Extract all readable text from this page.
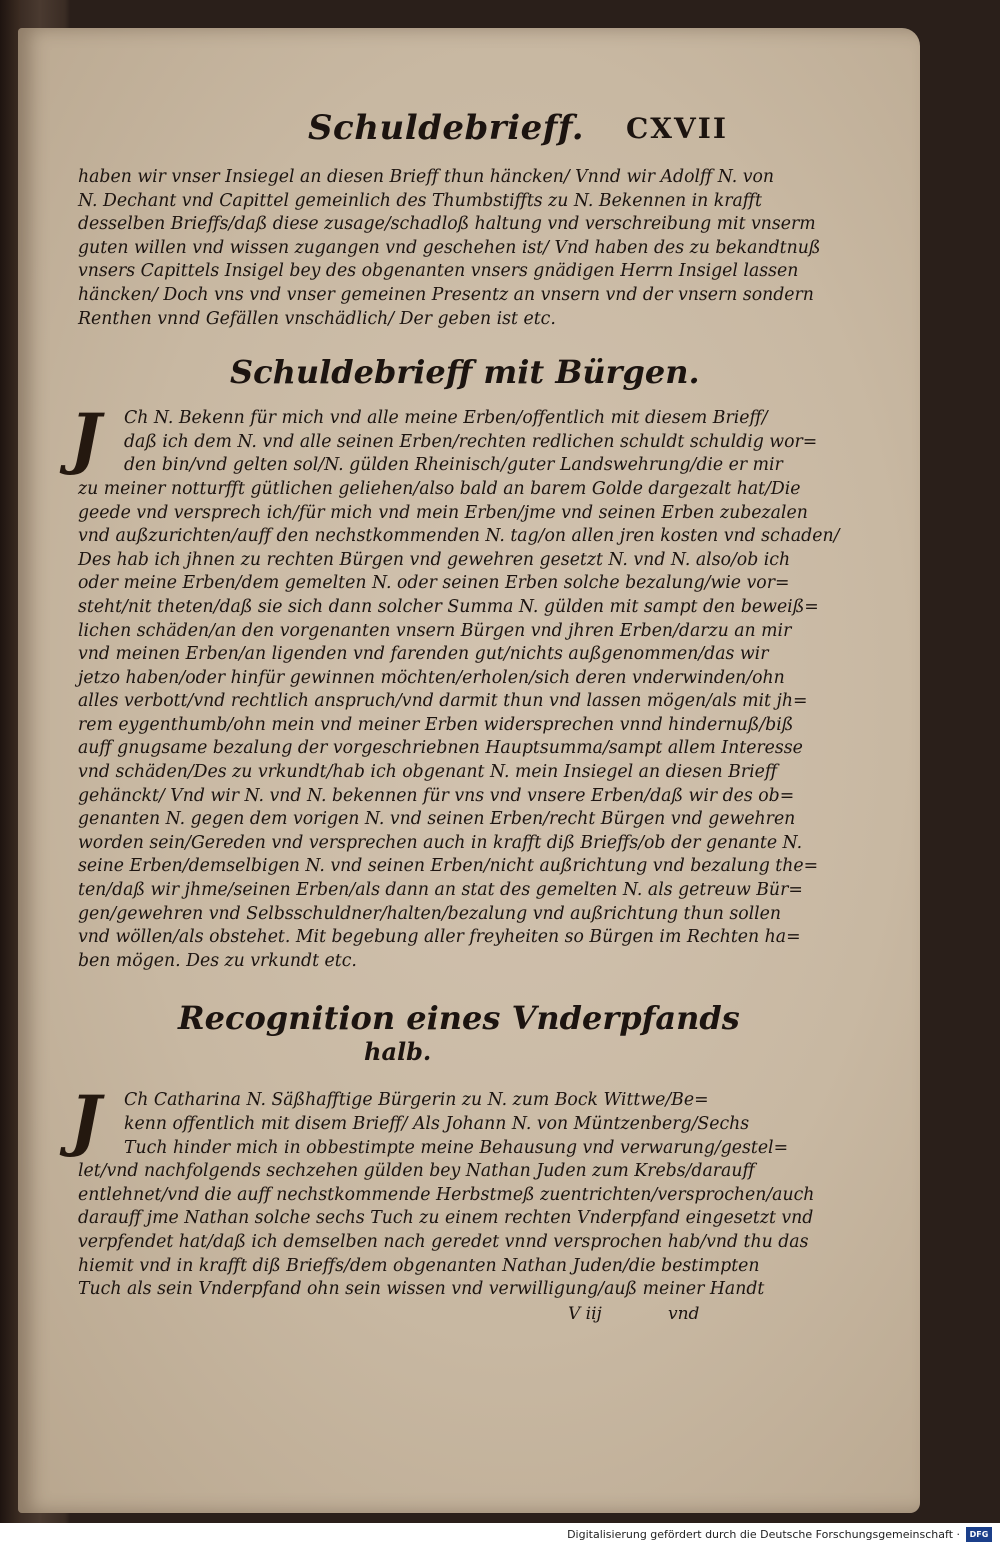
Schuldebrieff. CXVII

haben wir vnser Insiegel an diesen Brieff thun häncken/ Vnnd wir Adolff N. von
N. Dechant vnd Capittel gemeinlich des Thumbstiffts zu N. Bekennen in krafft
desselben Brieffs/daß diese zusage/schadloß haltung vnd verschreibung mit vnserm
guten willen vnd wissen zugangen vnd geschehen ist/ Vnd haben des zu bekandtnuß
vnsers Capittels Insigel bey des obgenanten vnsers gnädigen Herrn Insigel lassen
häncken/ Doch vns vnd vnser gemeinen Presentz an vnsern vnd der vnsern sondern
Renthen vnnd Gefällen vnschädlich/ Der geben ist etc.

Schuldebrieff mit Bürgen.
J	Ch N. Bekenn für mich vnd alle meine Erben/offentlich mit diesem Brieff/
daß ich dem N. vnd alle seinen Erben/rechten redlichen schuldt schuldig wor=
den bin/vnd gelten sol/N. gülden Rheinisch/guter Landswehrung/die er mir
zu meiner notturfft gütlichen geliehen/also bald an barem Golde dargezalt hat/Die
geede vnd versprech ich/für mich vnd mein Erben/jme vnd seinen Erben zubezalen
vnd außzurichten/auff den nechstkommenden N. tag/on allen jren kosten vnd schaden/
Des hab ich jhnen zu rechten Bürgen vnd gewehren gesetzt N. vnd N. also/ob ich
oder meine Erben/dem gemelten N. oder seinen Erben solche bezalung/wie vor=
steht/nit theten/daß sie sich dann solcher Summa N. gülden mit sampt den beweiß=
lichen schäden/an den vorgenanten vnsern Bürgen vnd jhren Erben/darzu an mir
vnd meinen Erben/an ligenden vnd farenden gut/nichts außgenommen/das wir
jetzo haben/oder hinfür gewinnen möchten/erholen/sich deren vnderwinden/ohn
alles verbott/vnd rechtlich anspruch/vnd darmit thun vnd lassen mögen/als mit jh=
rem eygenthumb/ohn mein vnd meiner Erben widersprechen vnnd hindernuß/biß
auff gnugsame bezalung der vorgeschriebnen Hauptsumma/sampt allem Interesse
vnd schäden/Des zu vrkundt/hab ich obgenant N. mein Insiegel an diesen Brieff
gehänckt/ Vnd wir N. vnd N. bekennen für vns vnd vnsere Erben/daß wir des ob=
genanten N. gegen dem vorigen N. vnd seinen Erben/recht Bürgen vnd gewehren
worden sein/Gereden vnd versprechen auch in krafft diß Brieffs/ob der genante N.
seine Erben/demselbigen N. vnd seinen Erben/nicht außrichtung vnd bezalung the=
ten/daß wir jhme/seinen Erben/als dann an stat des gemelten N. als getreuw Bür=
gen/gewehren vnd Selbsschuldner/halten/bezalung vnd außrichtung thun sollen
vnd wöllen/als obstehet. Mit begebung aller freyheiten so Bürgen im Rechten ha=
ben mögen. Des zu vrkundt etc.

Recognition eines Vnderpfands
halb.
J	Ch Catharina N. Säßhafftige Bürgerin zu N. zum Bock Wittwe/Be=
kenn offentlich mit disem Brieff/ Als Johann N. von Müntzenberg/Sechs
Tuch hinder mich in obbestimpte meine Behausung vnd verwarung/gestel=
let/vnd nachfolgends sechzehen gülden bey Nathan Juden zum Krebs/darauff
entlehnet/vnd die auff nechstkommende Herbstmeß zuentrichten/versprochen/auch
darauff jme Nathan solche sechs Tuch zu einem rechten Vnderpfand eingesetzt vnd
verpfendet hat/daß ich demselben nach geredet vnnd versprochen hab/vnd thu das
hiemit vnd in krafft diß Brieffs/dem obgenanten Nathan Juden/die bestimpten
Tuch als sein Vnderpfand ohn sein wissen vnd verwilligung/auß meiner Handt

V iij	vnd
Digitalisierung gefördert durch die Deutsche Forschungsgemeinschaft ·	DFG
